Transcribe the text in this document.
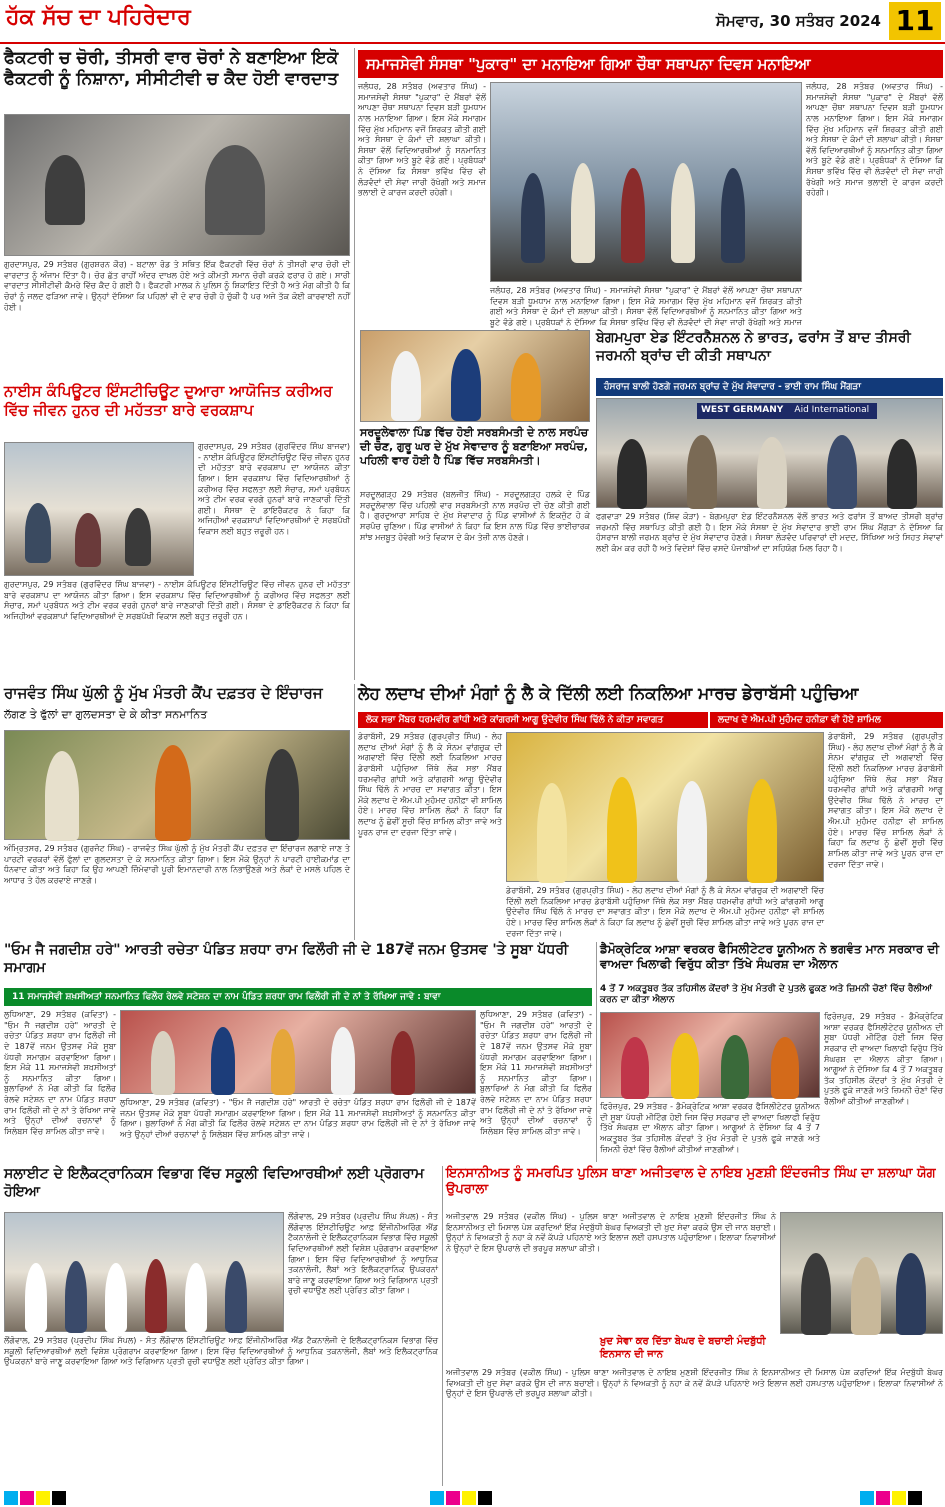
ਹੱਕ ਸੱਚ ਦਾ ਪਹਿਰੇਦਾਰ	ਸੋਮਵਾਰ, 30 ਸਤੰਬਰ 2024 11
ਫੈਕਟਰੀ ਚ ਚੋਰੀ, ਤੀਸਰੀ ਵਾਰ ਚੋਰਾਂ ਨੇ ਬਣਾਇਆ ਇਕੋ ਫੈਕਟਰੀ ਨੂੰ ਨਿਸ਼ਾਨਾ, ਸੀਸੀਟੀਵੀ ਚ ਕੈਦ ਹੋਈ ਵਾਰਦਾਤ
ਗੁਰਦਾਸਪੁਰ, 29 ਸਤੰਬਰ (ਗੁਰਸ਼ਰਨ ਕੌਰ) - ਬਟਾਲਾ ਰੋਡ ਤੇ ਸਥਿਤ ਇੱਕ ਫੈਕਟਰੀ ਵਿੱਚ ਚੋਰਾਂ ਨੇ ਤੀਸਰੀ ਵਾਰ ਚੋਰੀ ਦੀ ਵਾਰਦਾਤ ਨੂੰ ਅੰਜਾਮ ਦਿੱਤਾ ਹੈ। ਚੋਰ ਛੱਤ ਰਾਹੀਂ ਅੰਦਰ ਦਾਖਲ ਹੋਏ ਅਤੇ ਕੀਮਤੀ ਸਮਾਨ ਚੋਰੀ ਕਰਕੇ ਫਰਾਰ ਹੋ ਗਏ। ਸਾਰੀ ਵਾਰਦਾਤ ਸੀਸੀਟੀਵੀ ਕੈਮਰੇ ਵਿੱਚ ਕੈਦ ਹੋ ਗਈ ਹੈ। ਫੈਕਟਰੀ ਮਾਲਕ ਨੇ ਪੁਲਿਸ ਨੂੰ ਸ਼ਿਕਾਇਤ ਦਿੱਤੀ ਹੈ ਅਤੇ ਮੰਗ ਕੀਤੀ ਹੈ ਕਿ ਚੋਰਾਂ ਨੂੰ ਜਲਦ ਫੜਿਆ ਜਾਵੇ। ਉਨ੍ਹਾਂ ਦੱਸਿਆ ਕਿ ਪਹਿਲਾਂ ਵੀ ਦੋ ਵਾਰ ਚੋਰੀ ਹੋ ਚੁੱਕੀ ਹੈ ਪਰ ਅਜੇ ਤੱਕ ਕੋਈ ਕਾਰਵਾਈ ਨਹੀਂ ਹੋਈ।
ਸਮਾਜਸੇਵੀ ਸੰਸਥਾ "ਪੁਕਾਰ" ਦਾ ਮਨਾਇਆ ਗਿਆ ਚੌਥਾ ਸਥਾਪਨਾ ਦਿਵਸ ਮਨਾਇਆ
ਜਲੰਧਰ, 28 ਸਤੰਬਰ (ਅਵਤਾਰ ਸਿੰਘ) - ਸਮਾਜਸੇਵੀ ਸੰਸਥਾ "ਪੁਕਾਰ" ਦੇ ਮੈਂਬਰਾਂ ਵੱਲੋਂ ਆਪਣਾ ਚੌਥਾ ਸਥਾਪਨਾ ਦਿਵਸ ਬੜੀ ਧੂਮਧਾਮ ਨਾਲ ਮਨਾਇਆ ਗਿਆ। ਇਸ ਮੌਕੇ ਸਮਾਗਮ ਵਿੱਚ ਮੁੱਖ ਮਹਿਮਾਨ ਵਜੋਂ ਸ਼ਿਰਕਤ ਕੀਤੀ ਗਈ ਅਤੇ ਸੰਸਥਾ ਦੇ ਕੰਮਾਂ ਦੀ ਸ਼ਲਾਘਾ ਕੀਤੀ। ਸੰਸਥਾ ਵੱਲੋਂ ਵਿਦਿਆਰਥੀਆਂ ਨੂੰ ਸਨਮਾਨਿਤ ਕੀਤਾ ਗਿਆ ਅਤੇ ਬੂਟੇ ਵੰਡੇ ਗਏ। ਪ੍ਰਬੰਧਕਾਂ ਨੇ ਦੱਸਿਆ ਕਿ ਸੰਸਥਾ ਭਵਿੱਖ ਵਿੱਚ ਵੀ ਲੋੜਵੰਦਾਂ ਦੀ ਸੇਵਾ ਜਾਰੀ ਰੱਖੇਗੀ ਅਤੇ ਸਮਾਜ ਭਲਾਈ ਦੇ ਕਾਰਜ ਕਰਦੀ ਰਹੇਗੀ।
ਜਲੰਧਰ, 28 ਸਤੰਬਰ (ਅਵਤਾਰ ਸਿੰਘ) - ਸਮਾਜਸੇਵੀ ਸੰਸਥਾ "ਪੁਕਾਰ" ਦੇ ਮੈਂਬਰਾਂ ਵੱਲੋਂ ਆਪਣਾ ਚੌਥਾ ਸਥਾਪਨਾ ਦਿਵਸ ਬੜੀ ਧੂਮਧਾਮ ਨਾਲ ਮਨਾਇਆ ਗਿਆ। ਇਸ ਮੌਕੇ ਸਮਾਗਮ ਵਿੱਚ ਮੁੱਖ ਮਹਿਮਾਨ ਵਜੋਂ ਸ਼ਿਰਕਤ ਕੀਤੀ ਗਈ ਅਤੇ ਸੰਸਥਾ ਦੇ ਕੰਮਾਂ ਦੀ ਸ਼ਲਾਘਾ ਕੀਤੀ। ਸੰਸਥਾ ਵੱਲੋਂ ਵਿਦਿਆਰਥੀਆਂ ਨੂੰ ਸਨਮਾਨਿਤ ਕੀਤਾ ਗਿਆ ਅਤੇ ਬੂਟੇ ਵੰਡੇ ਗਏ। ਪ੍ਰਬੰਧਕਾਂ ਨੇ ਦੱਸਿਆ ਕਿ ਸੰਸਥਾ ਭਵਿੱਖ ਵਿੱਚ ਵੀ ਲੋੜਵੰਦਾਂ ਦੀ ਸੇਵਾ ਜਾਰੀ ਰੱਖੇਗੀ ਅਤੇ ਸਮਾਜ ਭਲਾਈ ਦੇ ਕਾਰਜ ਕਰਦੀ ਰਹੇਗੀ।
ਜਲੰਧਰ, 28 ਸਤੰਬਰ (ਅਵਤਾਰ ਸਿੰਘ) - ਸਮਾਜਸੇਵੀ ਸੰਸਥਾ "ਪੁਕਾਰ" ਦੇ ਮੈਂਬਰਾਂ ਵੱਲੋਂ ਆਪਣਾ ਚੌਥਾ ਸਥਾਪਨਾ ਦਿਵਸ ਬੜੀ ਧੂਮਧਾਮ ਨਾਲ ਮਨਾਇਆ ਗਿਆ। ਇਸ ਮੌਕੇ ਸਮਾਗਮ ਵਿੱਚ ਮੁੱਖ ਮਹਿਮਾਨ ਵਜੋਂ ਸ਼ਿਰਕਤ ਕੀਤੀ ਗਈ ਅਤੇ ਸੰਸਥਾ ਦੇ ਕੰਮਾਂ ਦੀ ਸ਼ਲਾਘਾ ਕੀਤੀ। ਸੰਸਥਾ ਵੱਲੋਂ ਵਿਦਿਆਰਥੀਆਂ ਨੂੰ ਸਨਮਾਨਿਤ ਕੀਤਾ ਗਿਆ ਅਤੇ ਬੂਟੇ ਵੰਡੇ ਗਏ। ਪ੍ਰਬੰਧਕਾਂ ਨੇ ਦੱਸਿਆ ਕਿ ਸੰਸਥਾ ਭਵਿੱਖ ਵਿੱਚ ਵੀ ਲੋੜਵੰਦਾਂ ਦੀ ਸੇਵਾ ਜਾਰੀ ਰੱਖੇਗੀ ਅਤੇ ਸਮਾਜ
ਨਾਈਸ ਕੰਪਿਊਟਰ ਇੰਸਟੀਚਿਊਟ ਦੁਆਰਾ ਆਯੋਜਿਤ ਕਰੀਅਰ ਵਿੱਚ ਜੀਵਨ ਹੁਨਰ ਦੀ ਮਹੱਤਤਾ ਬਾਰੇ ਵਰਕਸ਼ਾਪ
ਗੁਰਦਾਸਪੁਰ, 29 ਸਤੰਬਰ (ਗੁਰਵਿੰਦਰ ਸਿੰਘ ਬਾਜਵਾ) - ਨਾਈਸ ਕੰਪਿਊਟਰ ਇੰਸਟੀਚਿਊਟ ਵਿੱਚ ਜੀਵਨ ਹੁਨਰ ਦੀ ਮਹੱਤਤਾ ਬਾਰੇ ਵਰਕਸ਼ਾਪ ਦਾ ਆਯੋਜਨ ਕੀਤਾ ਗਿਆ। ਇਸ ਵਰਕਸ਼ਾਪ ਵਿੱਚ ਵਿਦਿਆਰਥੀਆਂ ਨੂੰ ਕਰੀਅਰ ਵਿੱਚ ਸਫਲਤਾ ਲਈ ਸੰਚਾਰ, ਸਮਾਂ ਪ੍ਰਬੰਧਨ ਅਤੇ ਟੀਮ ਵਰਕ ਵਰਗੇ ਹੁਨਰਾਂ ਬਾਰੇ ਜਾਣਕਾਰੀ ਦਿੱਤੀ ਗਈ। ਸੰਸਥਾ ਦੇ ਡਾਇਰੈਕਟਰ ਨੇ ਕਿਹਾ ਕਿ ਅਜਿਹੀਆਂ ਵਰਕਸ਼ਾਪਾਂ ਵਿਦਿਆਰਥੀਆਂ ਦੇ ਸਰਬਪੱਖੀ ਵਿਕਾਸ ਲਈ ਬਹੁਤ ਜ਼ਰੂਰੀ ਹਨ।
ਗੁਰਦਾਸਪੁਰ, 29 ਸਤੰਬਰ (ਗੁਰਵਿੰਦਰ ਸਿੰਘ ਬਾਜਵਾ) - ਨਾਈਸ ਕੰਪਿਊਟਰ ਇੰਸਟੀਚਿਊਟ ਵਿੱਚ ਜੀਵਨ ਹੁਨਰ ਦੀ ਮਹੱਤਤਾ ਬਾਰੇ ਵਰਕਸ਼ਾਪ ਦਾ ਆਯੋਜਨ ਕੀਤਾ ਗਿਆ। ਇਸ ਵਰਕਸ਼ਾਪ ਵਿੱਚ ਵਿਦਿਆਰਥੀਆਂ ਨੂੰ ਕਰੀਅਰ ਵਿੱਚ ਸਫਲਤਾ ਲਈ ਸੰਚਾਰ, ਸਮਾਂ ਪ੍ਰਬੰਧਨ ਅਤੇ ਟੀਮ ਵਰਕ ਵਰਗੇ ਹੁਨਰਾਂ ਬਾਰੇ ਜਾਣਕਾਰੀ ਦਿੱਤੀ ਗਈ। ਸੰਸਥਾ ਦੇ ਡਾਇਰੈਕਟਰ ਨੇ ਕਿਹਾ ਕਿ ਅਜਿਹੀਆਂ ਵਰਕਸ਼ਾਪਾਂ ਵਿਦਿਆਰਥੀਆਂ ਦੇ ਸਰਬਪੱਖੀ ਵਿਕਾਸ ਲਈ ਬਹੁਤ ਜ਼ਰੂਰੀ ਹਨ।
ਸਰਦੂਲੇਵਾਲਾ ਪਿੰਡ ਵਿੱਚ ਹੋਈ ਸਰਬਸੰਮਤੀ ਦੇ ਨਾਲ ਸਰਪੰਚ ਦੀ ਚੋਣ, ਗੁਰੂ ਘਰ ਦੇ ਮੁੱਖ ਸੇਵਾਦਾਰ ਨੂੰ ਬਣਾਇਆ ਸਰਪੰਚ, ਪਹਿਲੀ ਵਾਰ ਹੋਈ ਹੈ ਪਿੰਡ ਵਿੱਚ ਸਰਬਸੰਮਤੀ।
ਸਰਦੂਲਗੜ੍ਹ 29 ਸਤੰਬਰ (ਬਲਜੀਤ ਸਿੰਘ) - ਸਰਦੂਲਗੜ੍ਹ ਹਲਕੇ ਦੇ ਪਿੰਡ ਸਰਦੂਲੇਵਾਲਾ ਵਿੱਚ ਪਹਿਲੀ ਵਾਰ ਸਰਬਸੰਮਤੀ ਨਾਲ ਸਰਪੰਚ ਦੀ ਚੋਣ ਕੀਤੀ ਗਈ ਹੈ। ਗੁਰਦੁਆਰਾ ਸਾਹਿਬ ਦੇ ਮੁੱਖ ਸੇਵਾਦਾਰ ਨੂੰ ਪਿੰਡ ਵਾਸੀਆਂ ਨੇ ਇਕਜੁੱਟ ਹੋ ਕੇ ਸਰਪੰਚ ਚੁਣਿਆ। ਪਿੰਡ ਵਾਸੀਆਂ ਨੇ ਕਿਹਾ ਕਿ ਇਸ ਨਾਲ ਪਿੰਡ ਵਿੱਚ ਭਾਈਚਾਰਕ ਸਾਂਝ ਮਜ਼ਬੂਤ ਹੋਵੇਗੀ ਅਤੇ ਵਿਕਾਸ ਦੇ ਕੰਮ ਤੇਜ਼ੀ ਨਾਲ ਹੋਣਗੇ।
ਬੇਗਮਪੁਰਾ ਏਡ ਇੰਟਰਨੈਸ਼ਨਲ ਨੇ ਭਾਰਤ, ਫਰਾਂਸ ਤੋਂ ਬਾਦ ਤੀਸਰੀ ਜਰਮਨੀ ਬ੍ਰਾਂਚ ਦੀ ਕੀਤੀ ਸਥਾਪਨਾ
ਹੰਸਰਾਜ ਬਾਲੀ ਹੋਣਗੇ ਜਰਮਨ ਬ੍ਰਾਂਚ ਦੇ ਮੁੱਖ ਸੇਵਾਦਾਰ - ਭਾਈ ਰਾਮ ਸਿੰਘ ਮੈਂਗੜਾ
WEST GERMANY Aid International
ਫਗਵਾੜਾ 29 ਸਤੰਬਰ (ਸ਼ਿਵ ਕੋੜਾ) - ਬੇਗਮਪੁਰਾ ਏਡ ਇੰਟਰਨੈਸ਼ਨਲ ਵੱਲੋਂ ਭਾਰਤ ਅਤੇ ਫਰਾਂਸ ਤੋਂ ਬਾਅਦ ਤੀਸਰੀ ਬ੍ਰਾਂਚ ਜਰਮਨੀ ਵਿੱਚ ਸਥਾਪਿਤ ਕੀਤੀ ਗਈ ਹੈ। ਇਸ ਮੌਕੇ ਸੰਸਥਾ ਦੇ ਮੁੱਖ ਸੇਵਾਦਾਰ ਭਾਈ ਰਾਮ ਸਿੰਘ ਮੈਂਗੜਾ ਨੇ ਦੱਸਿਆ ਕਿ ਹੰਸਰਾਜ ਬਾਲੀ ਜਰਮਨ ਬ੍ਰਾਂਚ ਦੇ ਮੁੱਖ ਸੇਵਾਦਾਰ ਹੋਣਗੇ। ਸੰਸਥਾ ਲੋੜਵੰਦ ਪਰਿਵਾਰਾਂ ਦੀ ਮਦਦ, ਸਿੱਖਿਆ ਅਤੇ ਸਿਹਤ ਸੇਵਾਵਾਂ ਲਈ ਕੰਮ ਕਰ ਰਹੀ ਹੈ ਅਤੇ ਵਿਦੇਸ਼ਾਂ ਵਿੱਚ ਵਸਦੇ ਪੰਜਾਬੀਆਂ ਦਾ ਸਹਿਯੋਗ ਮਿਲ ਰਿਹਾ ਹੈ।
ਰਾਜਵੰਤ ਸਿੰਘ ਘੁੱਲੀ ਨੂੰ ਮੁੱਖ ਮੰਤਰੀ ਕੈਂਪ ਦਫ਼ਤਰ ਦੇ ਇੰਚਾਰਜ
ਲੱਗਣ ਤੇ ਫੁੱਲਾਂ ਦਾ ਗੁਲਦਸਤਾ ਦੇ ਕੇ ਕੀਤਾ ਸਨਮਾਨਿਤ
ਅੰਮ੍ਰਿਤਸਰ, 29 ਸਤੰਬਰ (ਗੁਰਜੰਟ ਸਿੰਘ) - ਰਾਜਵੰਤ ਸਿੰਘ ਘੁੱਲੀ ਨੂੰ ਮੁੱਖ ਮੰਤਰੀ ਕੈਂਪ ਦਫ਼ਤਰ ਦਾ ਇੰਚਾਰਜ ਲਗਾਏ ਜਾਣ ਤੇ ਪਾਰਟੀ ਵਰਕਰਾਂ ਵੱਲੋਂ ਫੁੱਲਾਂ ਦਾ ਗੁਲਦਸਤਾ ਦੇ ਕੇ ਸਨਮਾਨਿਤ ਕੀਤਾ ਗਿਆ। ਇਸ ਮੌਕੇ ਉਨ੍ਹਾਂ ਨੇ ਪਾਰਟੀ ਹਾਈਕਮਾਂਡ ਦਾ ਧੰਨਵਾਦ ਕੀਤਾ ਅਤੇ ਕਿਹਾ ਕਿ ਉਹ ਆਪਣੀ ਜ਼ਿੰਮੇਵਾਰੀ ਪੂਰੀ ਇਮਾਨਦਾਰੀ ਨਾਲ ਨਿਭਾਉਣਗੇ ਅਤੇ ਲੋਕਾਂ ਦੇ ਮਸਲੇ ਪਹਿਲ ਦੇ ਆਧਾਰ ਤੇ ਹੱਲ ਕਰਵਾਏ ਜਾਣਗੇ।
ਲੇਹ ਲਦਾਖ ਦੀਆਂ ਮੰਗਾਂ ਨੂੰ ਲੈ ਕੇ ਦਿੱਲੀ ਲਈ ਨਿਕਲਿਆ ਮਾਰਚ ਡੇਰਾਬੱਸੀ ਪਹੁੰਚਿਆ
ਲੋਕ ਸਭਾ ਮੈਂਬਰ ਧਰਮਵੀਰ ਗਾਂਧੀ ਅਤੇ ਕਾਂਗਰਸੀ ਆਗੂ ਉਦੇਵੀਰ ਸਿੰਘ ਢਿੱਲੋ ਨੇ ਕੀਤਾ ਸਵਾਗਤ	ਲਦਾਖ ਦੇ ਐਮ.ਪੀ ਮੁਹੰਮਦ ਹਨੀਫ਼ਾ ਵੀ ਹੋਏ ਸ਼ਾਮਿਲ
ਡੇਰਾਬੱਸੀ, 29 ਸਤੰਬਰ (ਗੁਰਪ੍ਰੀਤ ਸਿੰਘ) - ਲੇਹ ਲਦਾਖ ਦੀਆਂ ਮੰਗਾਂ ਨੂੰ ਲੈ ਕੇ ਸੋਨਮ ਵਾਂਗਚੁਕ ਦੀ ਅਗਵਾਈ ਵਿੱਚ ਦਿੱਲੀ ਲਈ ਨਿਕਲਿਆ ਮਾਰਚ ਡੇਰਾਬੱਸੀ ਪਹੁੰਚਿਆ ਜਿੱਥੇ ਲੋਕ ਸਭਾ ਮੈਂਬਰ ਧਰਮਵੀਰ ਗਾਂਧੀ ਅਤੇ ਕਾਂਗਰਸੀ ਆਗੂ ਉਦੇਵੀਰ ਸਿੰਘ ਢਿੱਲੋ ਨੇ ਮਾਰਚ ਦਾ ਸਵਾਗਤ ਕੀਤਾ। ਇਸ ਮੌਕੇ ਲਦਾਖ ਦੇ ਐਮ.ਪੀ ਮੁਹੰਮਦ ਹਨੀਫ਼ਾ ਵੀ ਸ਼ਾਮਿਲ ਹੋਏ। ਮਾਰਚ ਵਿੱਚ ਸ਼ਾਮਿਲ ਲੋਕਾਂ ਨੇ ਕਿਹਾ ਕਿ ਲਦਾਖ ਨੂੰ ਛੇਵੀਂ ਸੂਚੀ ਵਿੱਚ ਸ਼ਾਮਿਲ ਕੀਤਾ ਜਾਵੇ ਅਤੇ ਪੂਰਨ ਰਾਜ ਦਾ ਦਰਜਾ ਦਿੱਤਾ ਜਾਵੇ।
ਡੇਰਾਬੱਸੀ, 29 ਸਤੰਬਰ (ਗੁਰਪ੍ਰੀਤ ਸਿੰਘ) - ਲੇਹ ਲਦਾਖ ਦੀਆਂ ਮੰਗਾਂ ਨੂੰ ਲੈ ਕੇ ਸੋਨਮ ਵਾਂਗਚੁਕ ਦੀ ਅਗਵਾਈ ਵਿੱਚ ਦਿੱਲੀ ਲਈ ਨਿਕਲਿਆ ਮਾਰਚ ਡੇਰਾਬੱਸੀ ਪਹੁੰਚਿਆ ਜਿੱਥੇ ਲੋਕ ਸਭਾ ਮੈਂਬਰ ਧਰਮਵੀਰ ਗਾਂਧੀ ਅਤੇ ਕਾਂਗਰਸੀ ਆਗੂ ਉਦੇਵੀਰ ਸਿੰਘ ਢਿੱਲੋ ਨੇ ਮਾਰਚ ਦਾ ਸਵਾਗਤ ਕੀਤਾ। ਇਸ ਮੌਕੇ ਲਦਾਖ ਦੇ ਐਮ.ਪੀ ਮੁਹੰਮਦ ਹਨੀਫ਼ਾ ਵੀ ਸ਼ਾਮਿਲ ਹੋਏ। ਮਾਰਚ ਵਿੱਚ ਸ਼ਾਮਿਲ ਲੋਕਾਂ ਨੇ ਕਿਹਾ ਕਿ ਲਦਾਖ ਨੂੰ ਛੇਵੀਂ ਸੂਚੀ ਵਿੱਚ ਸ਼ਾਮਿਲ ਕੀਤਾ ਜਾਵੇ ਅਤੇ ਪੂਰਨ ਰਾਜ ਦਾ ਦਰਜਾ ਦਿੱਤਾ ਜਾਵੇ।
ਡੇਰਾਬੱਸੀ, 29 ਸਤੰਬਰ (ਗੁਰਪ੍ਰੀਤ ਸਿੰਘ) - ਲੇਹ ਲਦਾਖ ਦੀਆਂ ਮੰਗਾਂ ਨੂੰ ਲੈ ਕੇ ਸੋਨਮ ਵਾਂਗਚੁਕ ਦੀ ਅਗਵਾਈ ਵਿੱਚ ਦਿੱਲੀ ਲਈ ਨਿਕਲਿਆ ਮਾਰਚ ਡੇਰਾਬੱਸੀ ਪਹੁੰਚਿਆ ਜਿੱਥੇ ਲੋਕ ਸਭਾ ਮੈਂਬਰ ਧਰਮਵੀਰ ਗਾਂਧੀ ਅਤੇ ਕਾਂਗਰਸੀ ਆਗੂ ਉਦੇਵੀਰ ਸਿੰਘ ਢਿੱਲੋ ਨੇ ਮਾਰਚ ਦਾ ਸਵਾਗਤ ਕੀਤਾ। ਇਸ ਮੌਕੇ ਲਦਾਖ ਦੇ ਐਮ.ਪੀ ਮੁਹੰਮਦ ਹਨੀਫ਼ਾ ਵੀ ਸ਼ਾਮਿਲ ਹੋਏ। ਮਾਰਚ ਵਿੱਚ ਸ਼ਾਮਿਲ ਲੋਕਾਂ ਨੇ ਕਿਹਾ ਕਿ ਲਦਾਖ ਨੂੰ ਛੇਵੀਂ ਸੂਚੀ ਵਿੱਚ ਸ਼ਾਮਿਲ ਕੀਤਾ ਜਾਵੇ ਅਤੇ ਪੂਰਨ ਰਾਜ ਦਾ ਦਰਜਾ ਦਿੱਤਾ ਜਾਵੇ।
"ਓਮ ਜੈ ਜਗਦੀਸ਼ ਹਰੇ" ਆਰਤੀ ਰਚੇਤਾ ਪੰਡਿਤ ਸ਼ਰਧਾ ਰਾਮ ਫਿਲੌਰੀ ਜੀ ਦੇ 187ਵੇਂ ਜਨਮ ਉਤਸਵ 'ਤੇ ਸੂਬਾ ਪੱਧਰੀ ਸਮਾਗਮ
11 ਸਮਾਜਸੇਵੀ ਸ਼ਖ਼ਸੀਅਤਾਂ ਸਨਮਾਨਿਤ ਫਿਲੌਰ ਰੇਲਵੇ ਸਟੇਸ਼ਨ ਦਾ ਨਾਮ ਪੰਡਿਤ ਸ਼ਰਧਾ ਰਾਮ ਫਿਲੌਰੀ ਜੀ ਦੇ ਨਾਂ ਤੇ ਰੱਖਿਆ ਜਾਵੇ : ਬਾਵਾ
ਲੁਧਿਆਣਾ, 29 ਸਤੰਬਰ (ਕਵਿਤਾ) - "ਓਮ ਜੈ ਜਗਦੀਸ਼ ਹਰੇ" ਆਰਤੀ ਦੇ ਰਚੇਤਾ ਪੰਡਿਤ ਸ਼ਰਧਾ ਰਾਮ ਫਿਲੌਰੀ ਜੀ ਦੇ 187ਵੇਂ ਜਨਮ ਉਤਸਵ ਮੌਕੇ ਸੂਬਾ ਪੱਧਰੀ ਸਮਾਗਮ ਕਰਵਾਇਆ ਗਿਆ। ਇਸ ਮੌਕੇ 11 ਸਮਾਜਸੇਵੀ ਸ਼ਖ਼ਸੀਅਤਾਂ ਨੂੰ ਸਨਮਾਨਿਤ ਕੀਤਾ ਗਿਆ। ਬੁਲਾਰਿਆਂ ਨੇ ਮੰਗ ਕੀਤੀ ਕਿ ਫਿਲੌਰ ਰੇਲਵੇ ਸਟੇਸ਼ਨ ਦਾ ਨਾਮ ਪੰਡਿਤ ਸ਼ਰਧਾ ਰਾਮ ਫਿਲੌਰੀ ਜੀ ਦੇ ਨਾਂ ਤੇ ਰੱਖਿਆ ਜਾਵੇ ਅਤੇ ਉਨ੍ਹਾਂ ਦੀਆਂ ਰਚਨਾਵਾਂ ਨੂੰ ਸਿਲੇਬਸ ਵਿੱਚ ਸ਼ਾਮਿਲ ਕੀਤਾ ਜਾਵੇ।
ਲੁਧਿਆਣਾ, 29 ਸਤੰਬਰ (ਕਵਿਤਾ) - "ਓਮ ਜੈ ਜਗਦੀਸ਼ ਹਰੇ" ਆਰਤੀ ਦੇ ਰਚੇਤਾ ਪੰਡਿਤ ਸ਼ਰਧਾ ਰਾਮ ਫਿਲੌਰੀ ਜੀ ਦੇ 187ਵੇਂ ਜਨਮ ਉਤਸਵ ਮੌਕੇ ਸੂਬਾ ਪੱਧਰੀ ਸਮਾਗਮ ਕਰਵਾਇਆ ਗਿਆ। ਇਸ ਮੌਕੇ 11 ਸਮਾਜਸੇਵੀ ਸ਼ਖ਼ਸੀਅਤਾਂ ਨੂੰ ਸਨਮਾਨਿਤ ਕੀਤਾ ਗਿਆ। ਬੁਲਾਰਿਆਂ ਨੇ ਮੰਗ ਕੀਤੀ ਕਿ ਫਿਲੌਰ ਰੇਲਵੇ ਸਟੇਸ਼ਨ ਦਾ ਨਾਮ ਪੰਡਿਤ ਸ਼ਰਧਾ ਰਾਮ ਫਿਲੌਰੀ ਜੀ ਦੇ ਨਾਂ ਤੇ ਰੱਖਿਆ ਜਾਵੇ ਅਤੇ ਉਨ੍ਹਾਂ ਦੀਆਂ ਰਚਨਾਵਾਂ ਨੂੰ ਸਿਲੇਬਸ ਵਿੱਚ ਸ਼ਾਮਿਲ ਕੀਤਾ ਜਾਵੇ।
ਲੁਧਿਆਣਾ, 29 ਸਤੰਬਰ (ਕਵਿਤਾ) - "ਓਮ ਜੈ ਜਗਦੀਸ਼ ਹਰੇ" ਆਰਤੀ ਦੇ ਰਚੇਤਾ ਪੰਡਿਤ ਸ਼ਰਧਾ ਰਾਮ ਫਿਲੌਰੀ ਜੀ ਦੇ 187ਵੇਂ ਜਨਮ ਉਤਸਵ ਮੌਕੇ ਸੂਬਾ ਪੱਧਰੀ ਸਮਾਗਮ ਕਰਵਾਇਆ ਗਿਆ। ਇਸ ਮੌਕੇ 11 ਸਮਾਜਸੇਵੀ ਸ਼ਖ਼ਸੀਅਤਾਂ ਨੂੰ ਸਨਮਾਨਿਤ ਕੀਤਾ ਗਿਆ। ਬੁਲਾਰਿਆਂ ਨੇ ਮੰਗ ਕੀਤੀ ਕਿ ਫਿਲੌਰ ਰੇਲਵੇ ਸਟੇਸ਼ਨ ਦਾ ਨਾਮ ਪੰਡਿਤ ਸ਼ਰਧਾ ਰਾਮ ਫਿਲੌਰੀ ਜੀ ਦੇ ਨਾਂ ਤੇ ਰੱਖਿਆ ਜਾਵੇ ਅਤੇ ਉਨ੍ਹਾਂ ਦੀਆਂ ਰਚਨਾਵਾਂ ਨੂੰ ਸਿਲੇਬਸ ਵਿੱਚ ਸ਼ਾਮਿਲ ਕੀਤਾ ਜਾਵੇ।
ਡੈਮੋਕ੍ਰੇਟਿਕ ਆਸ਼ਾ ਵਰਕਰ ਫੈਸਿਲੀਟੇਟਰ ਯੂਨੀਅਨ ਨੇ ਭਗਵੰਤ ਮਾਨ ਸਰਕਾਰ ਦੀ ਵਾਅਦਾ ਖਿਲਾਫੀ ਵਿਰੁੱਧ ਕੀਤਾ ਤਿੱਖੇ ਸੰਘਰਸ਼ ਦਾ ਐਲਾਨ
4 ਤੋਂ 7 ਅਕਤੂਬਰ ਤੱਕ ਤਹਿਸੀਲ ਕੇਂਦਰਾਂ ਤੇ ਮੁੱਖ ਮੰਤਰੀ ਦੇ ਪੁਤਲੇ ਫੂਕਣ ਅਤੇ ਜ਼ਿਮਨੀ ਚੋਣਾਂ ਵਿੱਚ ਰੈਲੀਆਂ ਕਰਨ ਦਾ ਕੀਤਾ ਐਲਾਨ
ਫਿਰੋਜ਼ਪੁਰ, 29 ਸਤੰਬਰ - ਡੈਮੋਕ੍ਰੇਟਿਕ ਆਸ਼ਾ ਵਰਕਰ ਫੈਸਿਲੀਟੇਟਰ ਯੂਨੀਅਨ ਦੀ ਸੂਬਾ ਪੱਧਰੀ ਮੀਟਿੰਗ ਹੋਈ ਜਿਸ ਵਿੱਚ ਸਰਕਾਰ ਦੀ ਵਾਅਦਾ ਖਿਲਾਫੀ ਵਿਰੁੱਧ ਤਿੱਖੇ ਸੰਘਰਸ਼ ਦਾ ਐਲਾਨ ਕੀਤਾ ਗਿਆ। ਆਗੂਆਂ ਨੇ ਦੱਸਿਆ ਕਿ 4 ਤੋਂ 7 ਅਕਤੂਬਰ ਤੱਕ ਤਹਿਸੀਲ ਕੇਂਦਰਾਂ ਤੇ ਮੁੱਖ ਮੰਤਰੀ ਦੇ ਪੁਤਲੇ ਫੂਕੇ ਜਾਣਗੇ ਅਤੇ ਜ਼ਿਮਨੀ ਚੋਣਾਂ ਵਿੱਚ ਰੈਲੀਆਂ ਕੀਤੀਆਂ ਜਾਣਗੀਆਂ।
ਫਿਰੋਜ਼ਪੁਰ, 29 ਸਤੰਬਰ - ਡੈਮੋਕ੍ਰੇਟਿਕ ਆਸ਼ਾ ਵਰਕਰ ਫੈਸਿਲੀਟੇਟਰ ਯੂਨੀਅਨ ਦੀ ਸੂਬਾ ਪੱਧਰੀ ਮੀਟਿੰਗ ਹੋਈ ਜਿਸ ਵਿੱਚ ਸਰਕਾਰ ਦੀ ਵਾਅਦਾ ਖਿਲਾਫੀ ਵਿਰੁੱਧ ਤਿੱਖੇ ਸੰਘਰਸ਼ ਦਾ ਐਲਾਨ ਕੀਤਾ ਗਿਆ। ਆਗੂਆਂ ਨੇ ਦੱਸਿਆ ਕਿ 4 ਤੋਂ 7 ਅਕਤੂਬਰ ਤੱਕ ਤਹਿਸੀਲ ਕੇਂਦਰਾਂ ਤੇ ਮੁੱਖ ਮੰਤਰੀ ਦੇ ਪੁਤਲੇ ਫੂਕੇ ਜਾਣਗੇ ਅਤੇ ਜ਼ਿਮਨੀ ਚੋਣਾਂ ਵਿੱਚ ਰੈਲੀਆਂ ਕੀਤੀਆਂ ਜਾਣਗੀਆਂ।
ਸਲਾਈਟ ਦੇ ਇਲੈਕਟ੍ਰਾਨਿਕਸ ਵਿਭਾਗ ਵਿੱਚ ਸਕੂਲੀ ਵਿਦਿਆਰਥੀਆਂ ਲਈ ਪ੍ਰੋਗਰਾਮ ਹੋਇਆ
ਲੌਂਗੋਵਾਲ, 29 ਸਤੰਬਰ (ਪ੍ਰਦੀਪ ਸਿੰਘ ਸੱਪਲ) - ਸੰਤ ਲੌਂਗੋਵਾਲ ਇੰਸਟੀਚਿਊਟ ਆਫ਼ ਇੰਜੀਨੀਅਰਿੰਗ ਐਂਡ ਟੈਕਨਾਲੋਜੀ ਦੇ ਇਲੈਕਟ੍ਰਾਨਿਕਸ ਵਿਭਾਗ ਵਿੱਚ ਸਕੂਲੀ ਵਿਦਿਆਰਥੀਆਂ ਲਈ ਵਿਸ਼ੇਸ਼ ਪ੍ਰੋਗਰਾਮ ਕਰਵਾਇਆ ਗਿਆ। ਇਸ ਵਿੱਚ ਵਿਦਿਆਰਥੀਆਂ ਨੂੰ ਆਧੁਨਿਕ ਤਕਨਾਲੋਜੀ, ਲੈਬਾਂ ਅਤੇ ਇਲੈਕਟ੍ਰਾਨਿਕ ਉਪਕਰਨਾਂ ਬਾਰੇ ਜਾਣੂ ਕਰਵਾਇਆ ਗਿਆ ਅਤੇ ਵਿਗਿਆਨ ਪ੍ਰਤੀ ਰੁਚੀ ਵਧਾਉਣ ਲਈ ਪ੍ਰੇਰਿਤ ਕੀਤਾ ਗਿਆ।
ਲੌਂਗੋਵਾਲ, 29 ਸਤੰਬਰ (ਪ੍ਰਦੀਪ ਸਿੰਘ ਸੱਪਲ) - ਸੰਤ ਲੌਂਗੋਵਾਲ ਇੰਸਟੀਚਿਊਟ ਆਫ਼ ਇੰਜੀਨੀਅਰਿੰਗ ਐਂਡ ਟੈਕਨਾਲੋਜੀ ਦੇ ਇਲੈਕਟ੍ਰਾਨਿਕਸ ਵਿਭਾਗ ਵਿੱਚ ਸਕੂਲੀ ਵਿਦਿਆਰਥੀਆਂ ਲਈ ਵਿਸ਼ੇਸ਼ ਪ੍ਰੋਗਰਾਮ ਕਰਵਾਇਆ ਗਿਆ। ਇਸ ਵਿੱਚ ਵਿਦਿਆਰਥੀਆਂ ਨੂੰ ਆਧੁਨਿਕ ਤਕਨਾਲੋਜੀ, ਲੈਬਾਂ ਅਤੇ ਇਲੈਕਟ੍ਰਾਨਿਕ ਉਪਕਰਨਾਂ ਬਾਰੇ ਜਾਣੂ ਕਰਵਾਇਆ ਗਿਆ ਅਤੇ ਵਿਗਿਆਨ ਪ੍ਰਤੀ ਰੁਚੀ ਵਧਾਉਣ ਲਈ ਪ੍ਰੇਰਿਤ ਕੀਤਾ ਗਿਆ।
ਇਨਸਾਨੀਅਤ ਨੂੰ ਸਮਰਪਿਤ ਪੁਲਿਸ ਥਾਣਾ ਅਜੀਤਵਾਲ ਦੇ ਨਾਇਬ ਮੁਣਸ਼ੀ ਇੰਦਰਜੀਤ ਸਿੰਘ ਦਾ ਸ਼ਲਾਘਾ ਯੋਗ ਉਪਰਾਲਾ
ਅਜੀਤਵਾਲ 29 ਸਤੰਬਰ (ਵਕੀਲ ਸਿੰਘ) - ਪੁਲਿਸ ਥਾਣਾ ਅਜੀਤਵਾਲ ਦੇ ਨਾਇਬ ਮੁਣਸ਼ੀ ਇੰਦਰਜੀਤ ਸਿੰਘ ਨੇ ਇਨਸਾਨੀਅਤ ਦੀ ਮਿਸਾਲ ਪੇਸ਼ ਕਰਦਿਆਂ ਇੱਕ ਮੰਦਬੁੱਧੀ ਬੇਘਰ ਵਿਅਕਤੀ ਦੀ ਖ਼ੁਦ ਸੇਵਾ ਕਰਕੇ ਉਸ ਦੀ ਜਾਨ ਬਚਾਈ। ਉਨ੍ਹਾਂ ਨੇ ਵਿਅਕਤੀ ਨੂੰ ਨਹਾ ਕੇ ਨਵੇਂ ਕੱਪੜੇ ਪਹਿਨਾਏ ਅਤੇ ਇਲਾਜ ਲਈ ਹਸਪਤਾਲ ਪਹੁੰਚਾਇਆ। ਇਲਾਕਾ ਨਿਵਾਸੀਆਂ ਨੇ ਉਨ੍ਹਾਂ ਦੇ ਇਸ ਉਪਰਾਲੇ ਦੀ ਭਰਪੂਰ ਸ਼ਲਾਘਾ ਕੀਤੀ।
ਖ਼ੁਦ ਸੇਵਾ ਕਰ ਦਿੱਤਾ ਬੇਘਰ ਦੇ ਬਚਾਈ ਮੰਦਬੁੱਧੀ ਇਨਸਾਨ ਦੀ ਜਾਨ
ਅਜੀਤਵਾਲ 29 ਸਤੰਬਰ (ਵਕੀਲ ਸਿੰਘ) - ਪੁਲਿਸ ਥਾਣਾ ਅਜੀਤਵਾਲ ਦੇ ਨਾਇਬ ਮੁਣਸ਼ੀ ਇੰਦਰਜੀਤ ਸਿੰਘ ਨੇ ਇਨਸਾਨੀਅਤ ਦੀ ਮਿਸਾਲ ਪੇਸ਼ ਕਰਦਿਆਂ ਇੱਕ ਮੰਦਬੁੱਧੀ ਬੇਘਰ ਵਿਅਕਤੀ ਦੀ ਖ਼ੁਦ ਸੇਵਾ ਕਰਕੇ ਉਸ ਦੀ ਜਾਨ ਬਚਾਈ। ਉਨ੍ਹਾਂ ਨੇ ਵਿਅਕਤੀ ਨੂੰ ਨਹਾ ਕੇ ਨਵੇਂ ਕੱਪੜੇ ਪਹਿਨਾਏ ਅਤੇ ਇਲਾਜ ਲਈ ਹਸਪਤਾਲ ਪਹੁੰਚਾਇਆ। ਇਲਾਕਾ ਨਿਵਾਸੀਆਂ ਨੇ ਉਨ੍ਹਾਂ ਦੇ ਇਸ ਉਪਰਾਲੇ ਦੀ ਭਰਪੂਰ ਸ਼ਲਾਘਾ ਕੀਤੀ।
